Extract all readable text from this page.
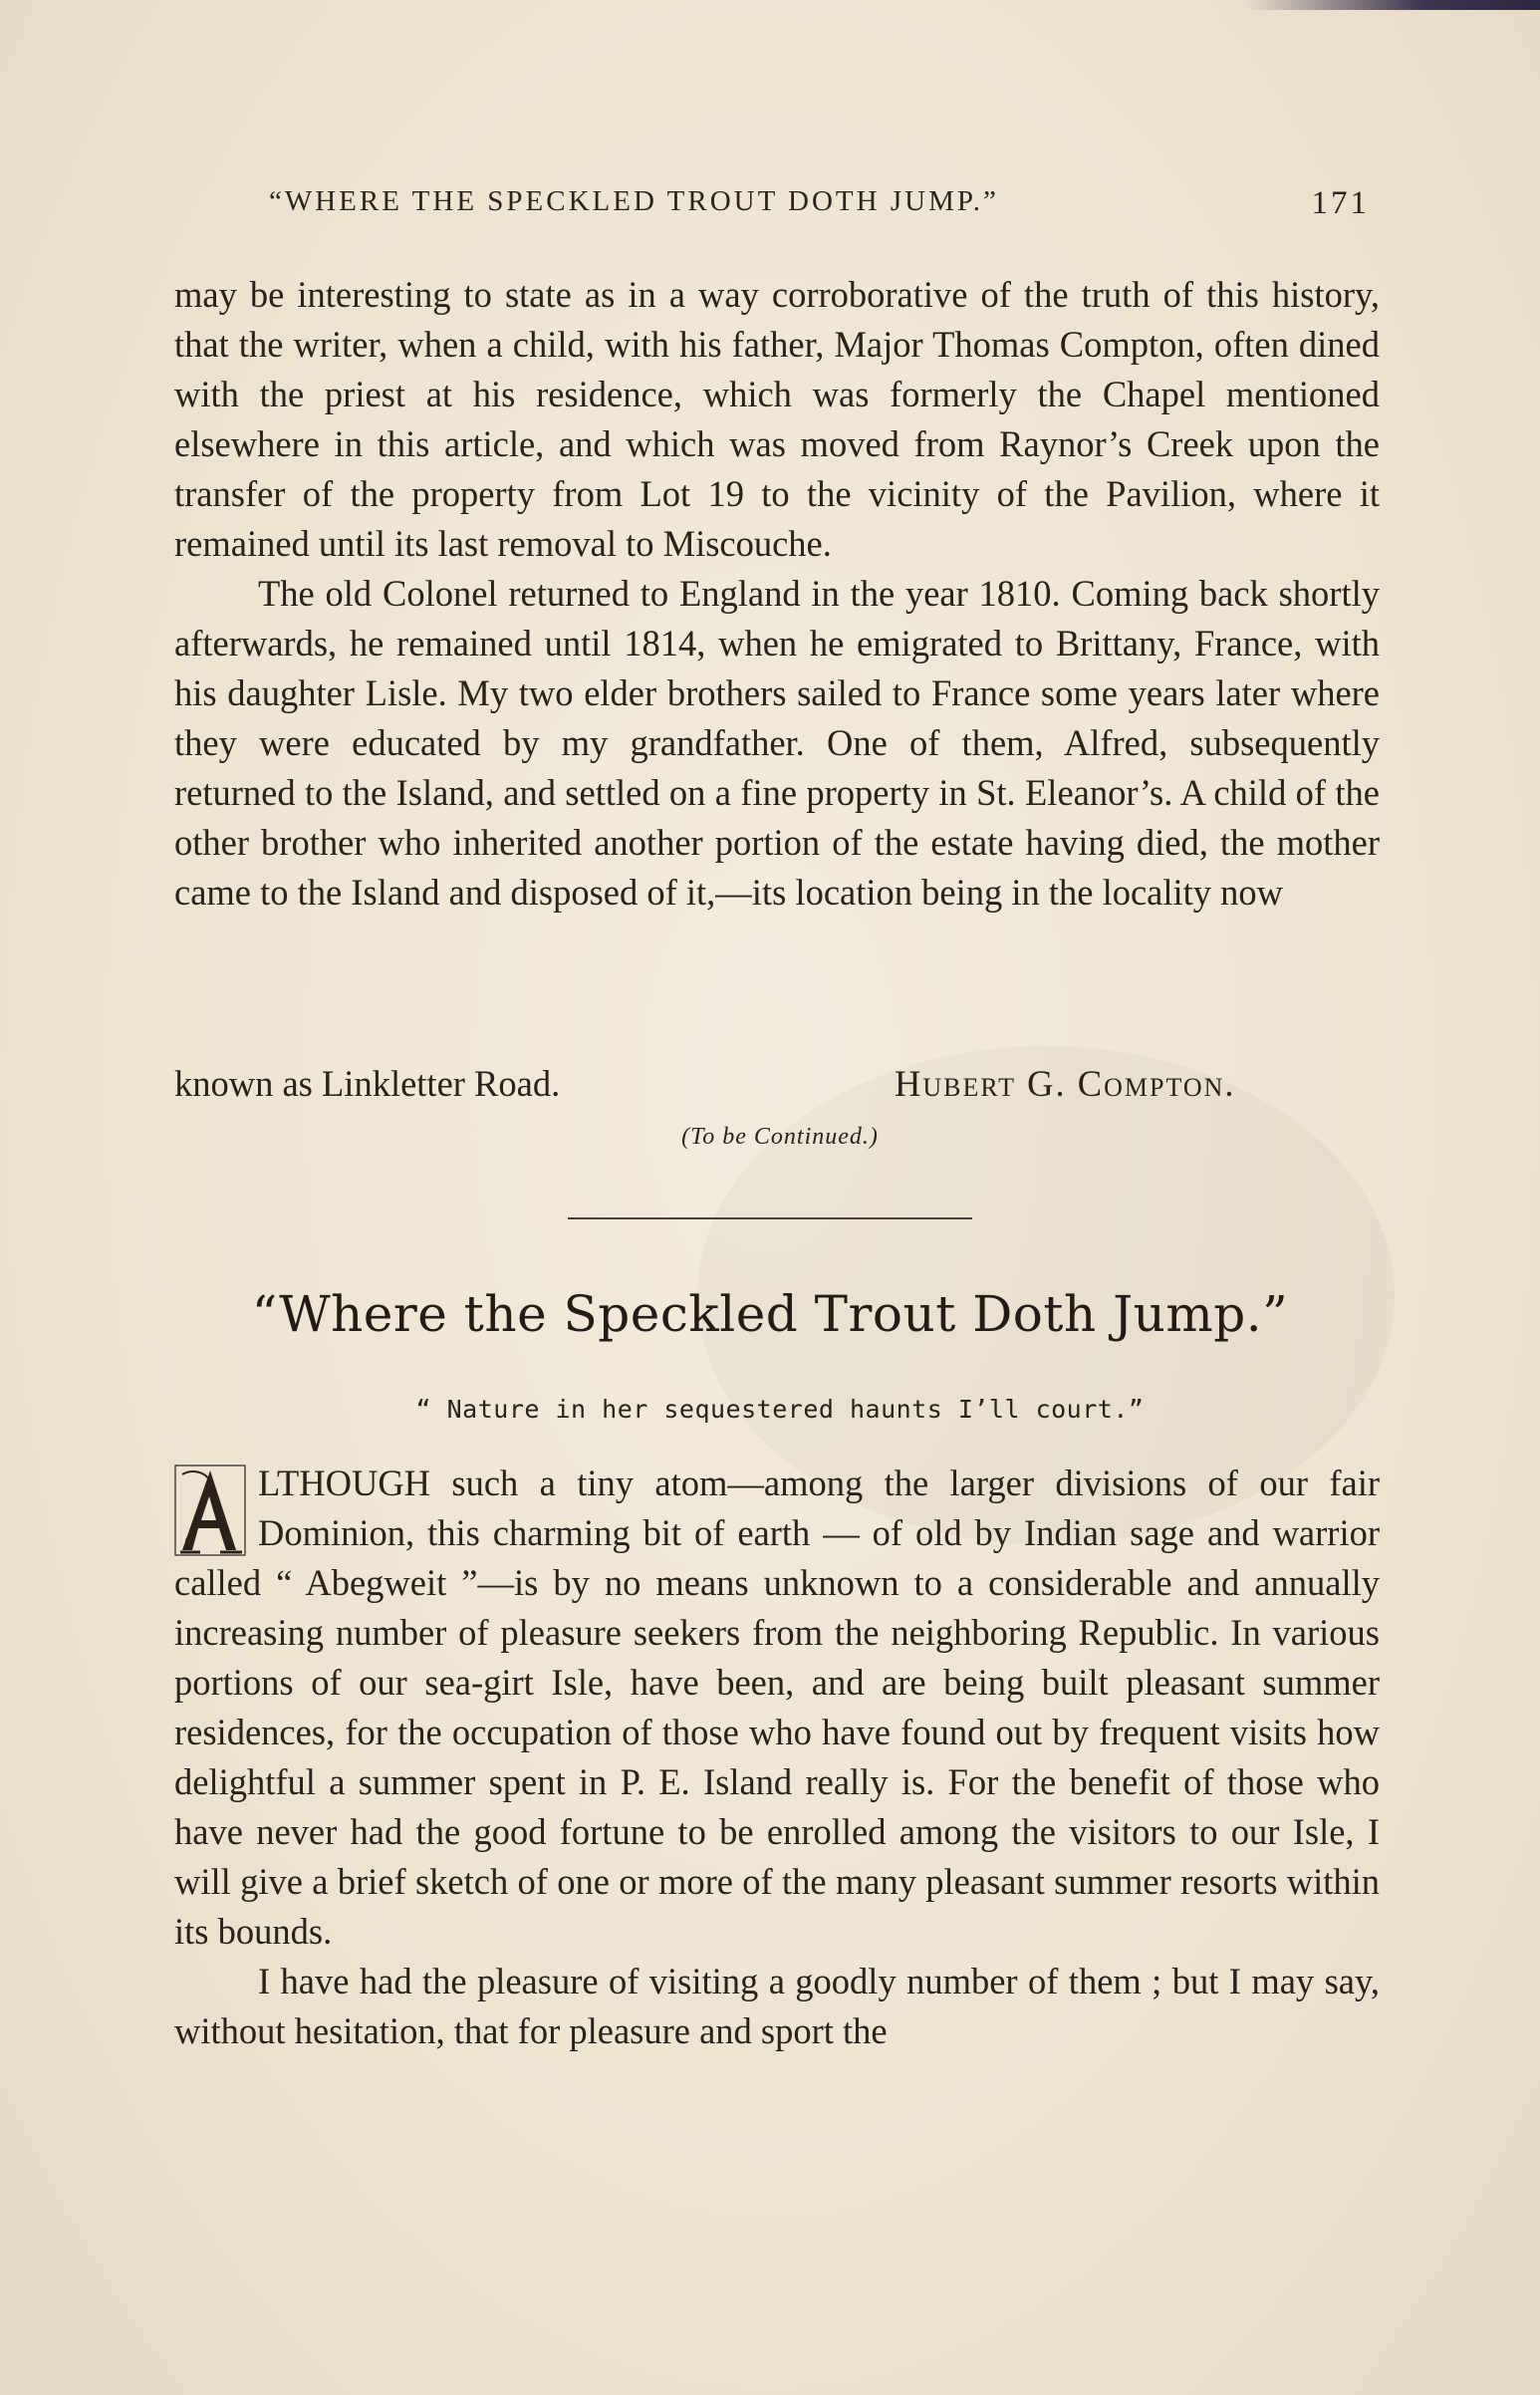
“WHERE THE SPECKLED TROUT DOTH JUMP.”	171

may be interesting to state as in a way corroborative of the truth of this history, that the writer, when a child, with his father, Major Thomas Compton, often dined with the priest at his residence, which was formerly the Chapel mentioned elsewhere in this article, and which was moved from Raynor’s Creek upon the transfer of the property from Lot 19 to the vicinity of the Pavilion, where it remained until its last removal to Miscouche.

The old Colonel returned to England in the year 1810. Coming back shortly afterwards, he remained until 1814, when he emigrated to Brittany, France, with his daughter Lisle. My two elder brothers sailed to France some years later where they were educated by my grandfather. One of them, Alfred, subsequently returned to the Island, and settled on a fine property in St. Eleanor’s. A child of the other brother who inherited another portion of the estate having died, the mother came to the Island and disposed of it,—its location being in the locality now

known as Linkletter Road.	Hubert G. Compton.
(To be Continued.)
“Where the Speckled Trout Doth Jump.”
“ Nature in her sequestered haunts I’ll court.”

LTHOUGH such a tiny atom—among the larger divisions of our fair Dominion, this charming bit of earth — of old by Indian sage and warrior called “ Abegweit ”—is by no means unknown to a considerable and annually increasing number of pleasure seekers from the neighboring Republic. In various portions of our sea-girt Isle, have been, and are being built pleasant summer residences, for the occupation of those who have found out by frequent visits how delightful a summer spent in P. E. Island really is. For the benefit of those who have never had the good fortune to be enrolled among the visitors to our Isle, I will give a brief sketch of one or more of the many pleasant summer resorts within its bounds.

I have had the pleasure of visiting a goodly number of them ; but I may say, without hesitation, that for pleasure and sport the
